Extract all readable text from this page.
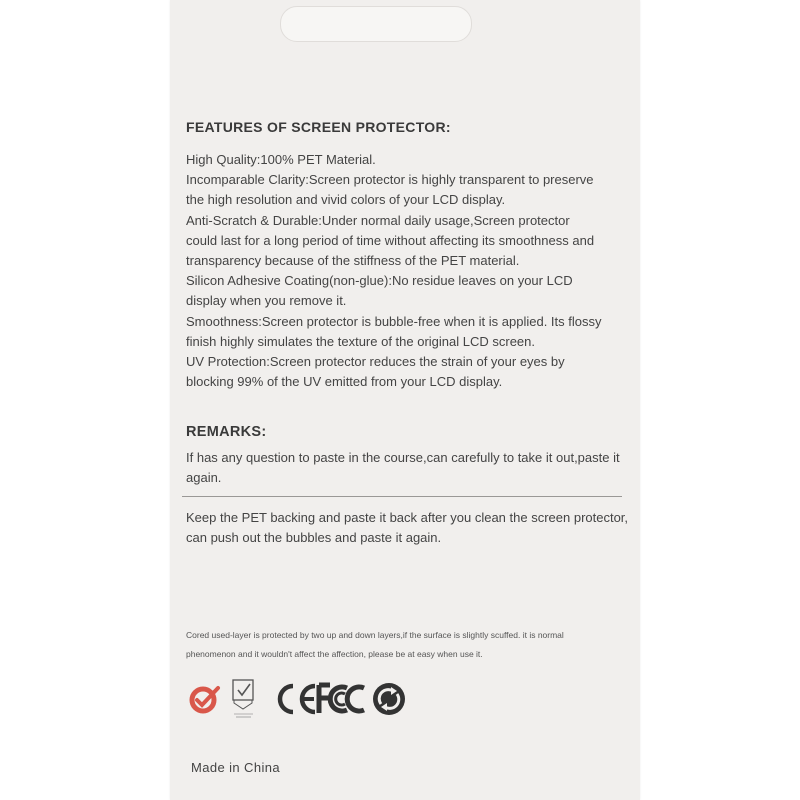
FEATURES OF SCREEN PROTECTOR:

High Quality:100% PET Material.
Incomparable Clarity:Screen protector is highly transparent to preserve
the high resolution and vivid colors of your LCD display.
Anti-Scratch & Durable:Under normal daily usage,Screen protector
could last for a long period of time without affecting its smoothness and
transparency because of the stiffness of the PET material.
Silicon Adhesive Coating(non-glue):No residue leaves on your LCD
display when you remove it.
Smoothness:Screen protector is bubble-free when it is applied. Its flossy
finish highly simulates the texture of the original LCD screen.
UV Protection:Screen protector reduces the strain of your eyes by
blocking 99% of the UV emitted from your LCD display.

REMARKS:

If has any question to paste in the course,can carefully to take it out,paste it
again.
Keep the PET backing and paste it back after you clean the screen protector,
can push out the bubbles and paste it again.
Cored used-layer is protected by two up and down layers,if the surface is slightly scuffed. it is normal
phenomenon and it wouldn't affect the affection, please be at easy when use it.
Made in China
